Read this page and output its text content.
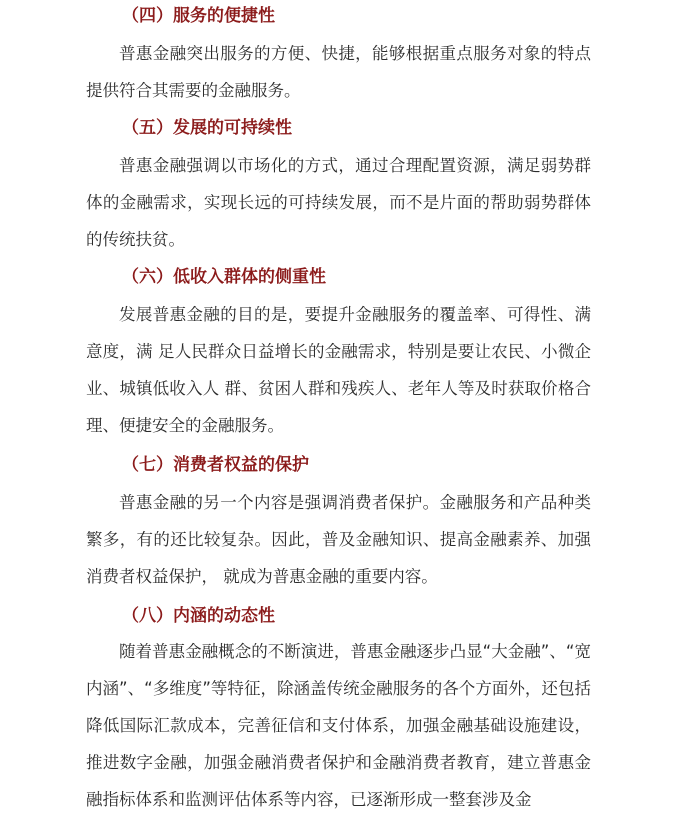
（四）服务的便捷性

普惠金融突出服务的方便、快捷，能够根据重点服务对象的特点提供符合其需要的金融服务。

（五）发展的可持续性

普惠金融强调以市场化的方式，通过合理配置资源，满足弱势群体的金融需求，实现长远的可持续发展，而不是片面的帮助弱势群体的传统扶贫。

（六）低收入群体的侧重性

发展普惠金融的目的是，要提升金融服务的覆盖率、可得性、满意度，满 足人民群众日益增长的金融需求，特别是要让农民、小微企业、城镇低收入人 群、贫困人群和残疾人、老年人等及时获取价格合理、便捷安全的金融服务。

（七）消费者权益的保护

普惠金融的另一个内容是强调消费者保护。金融服务和产品种类繁多，有的还比较复杂。因此，普及金融知识、提高金融素养、加强消费者权益保护， 就成为普惠金融的重要内容。

（八）内涵的动态性

随着普惠金融概念的不断演进，普惠金融逐步凸显“大金融”、“宽内涵”、“多维度”等特征，除涵盖传统金融服务的各个方面外，还包括降低国际汇款成本，完善征信和支付体系，加强金融基础设施建设，推进数字金融，加强金融消费者保护和金融消费者教育，建立普惠金融指标体系和监测评估体系等内容，已逐渐形成一整套涉及金
